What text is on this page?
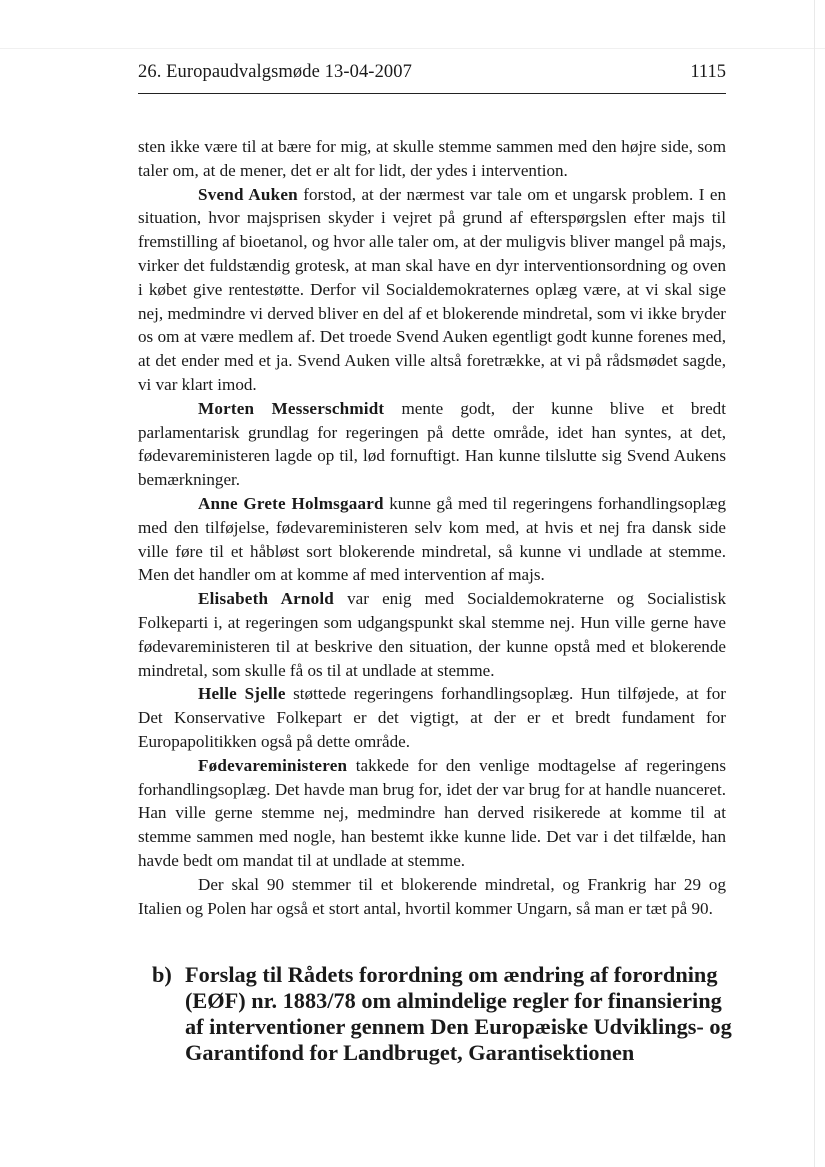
26. Europaudvalgsmøde 13-04-2007	1115

sten ikke være til at bære for mig, at skulle stemme sammen med den højre side, som taler om, at de mener, det er alt for lidt, der ydes i intervention.

Svend Auken forstod, at der nærmest var tale om et ungarsk problem. I en situation, hvor majsprisen skyder i vejret på grund af efterspørgslen efter majs til fremstilling af bioetanol, og hvor alle taler om, at der muligvis bliver mangel på majs, virker det fuldstændig grotesk, at man skal have en dyr interventionsordning og oven i købet give rentestøtte. Derfor vil Socialdemokraternes oplæg være, at vi skal sige nej, medmindre vi derved bliver en del af et blokerende mindretal, som vi ikke bryder os om at være medlem af. Det troede Svend Auken egentligt godt kunne forenes med, at det ender med et ja. Svend Auken ville altså foretrække, at vi på rådsmødet sagde, vi var klart imod.

Morten Messerschmidt mente godt, der kunne blive et bredt parlamentarisk grundlag for regeringen på dette område, idet han syntes, at det, fødevareministeren lagde op til, lød fornuftigt. Han kunne tilslutte sig Svend Aukens bemærkninger.

Anne Grete Holmsgaard kunne gå med til regeringens forhandlingsoplæg med den tilføjelse, fødevareministeren selv kom med, at hvis et nej fra dansk side ville føre til et håbløst sort blokerende mindretal, så kunne vi undlade at stemme. Men det handler om at komme af med intervention af majs.

Elisabeth Arnold var enig med Socialdemokraterne og Socialistisk Folkeparti i, at regeringen som udgangspunkt skal stemme nej. Hun ville gerne have fødevareministeren til at beskrive den situation, der kunne opstå med et blokerende mindretal, som skulle få os til at undlade at stemme.

Helle Sjelle støttede regeringens forhandlingsoplæg. Hun tilføjede, at for Det Konservative Folkepart er det vigtigt, at der er et bredt fundament for Europapolitikken også på dette område.

Fødevareministeren takkede for den venlige modtagelse af regeringens forhandlingsoplæg. Det havde man brug for, idet der var brug for at handle nuanceret. Han ville gerne stemme nej, medmindre han derved risikerede at komme til at stemme sammen med nogle, han bestemt ikke kunne lide. Det var i det tilfælde, han havde bedt om mandat til at undlade at stemme.

Der skal 90 stemmer til et blokerende mindretal, og Frankrig har 29 og Italien og Polen har også et stort antal, hvortil kommer Ungarn, så man er tæt på 90.

b) Forslag til Rådets forordning om ændring af forordning (EØF) nr. 1883/78 om almindelige regler for finansiering af interventioner gennem Den Europæiske Udviklings- og Garantifond for Landbruget, Garantisektionen
